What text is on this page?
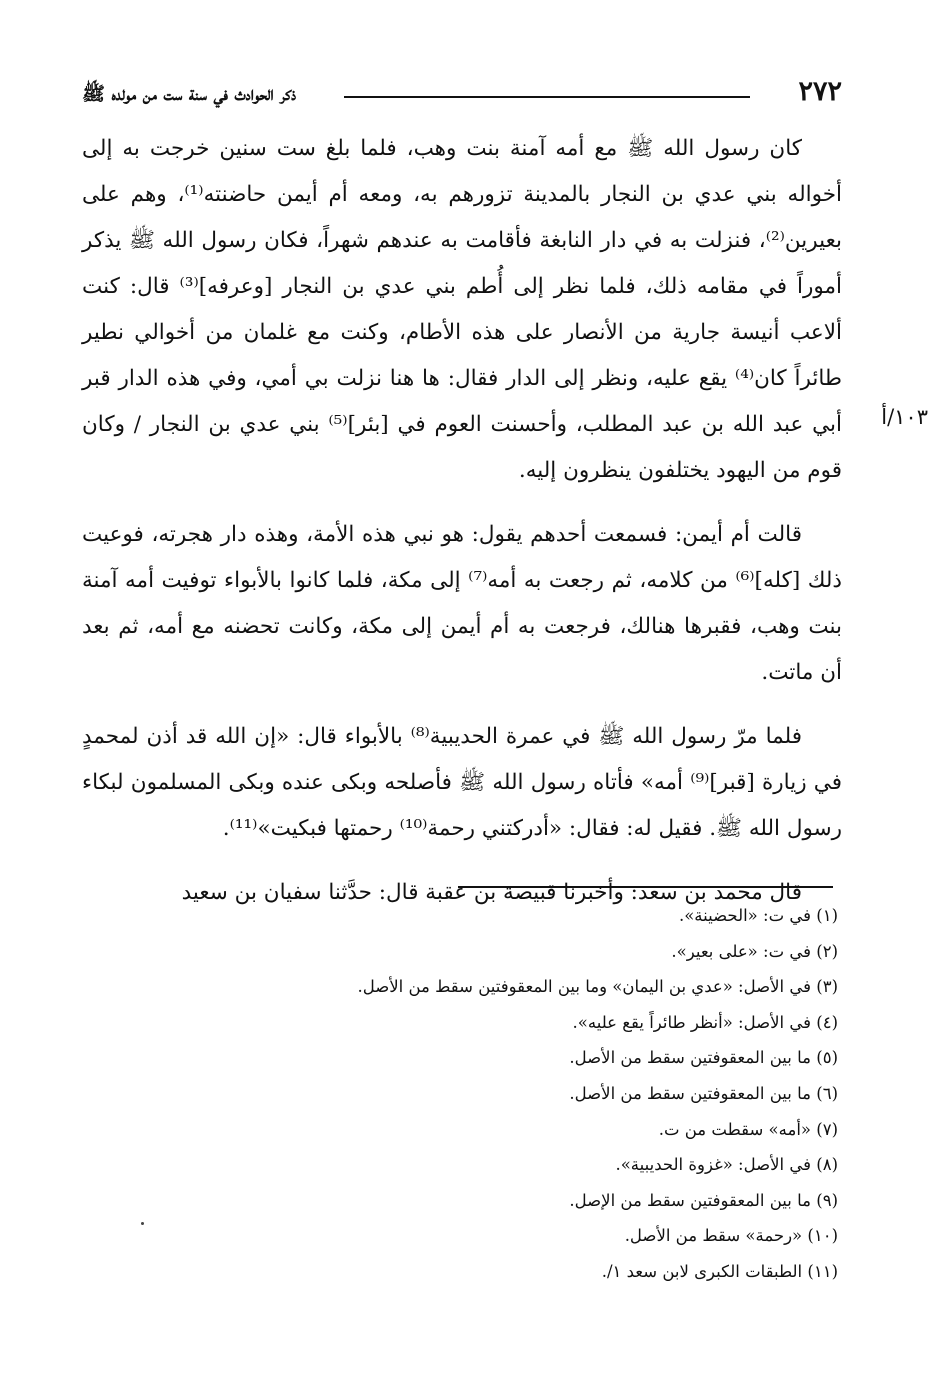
٢٧٢
ذكر الحوادث في سنة ست من مولده ﷺ

كان رسول الله ﷺ مع أمه آمنة بنت وهب، فلما بلغ ست سنين خرجت به إلى أخواله بني عدي بن النجار بالمدينة تزورهم به، ومعه أم أيمن حاضنته⁽¹⁾، وهم على بعيرين⁽²⁾، فنزلت به في دار النابغة فأقامت به عندهم شهراً، فكان رسول الله ﷺ يذكر أموراً في مقامه ذلك، فلما نظر إلى أُطم بني عدي بن النجار [وعرفه]⁽³⁾ قال: كنت ألاعب أنيسة جارية من الأنصار على هذه الأطام، وكنت مع غلمان من أخوالي نطير طائراً كان⁽⁴⁾ يقع عليه، ونظر إلى الدار فقال: ها هنا نزلت بي أمي، وفي هذه الدار قبر أبي عبد الله بن عبد المطلب، وأحسنت العوم في [بئر]⁽⁵⁾ بني عدي بن النجار / وكان قوم من اليهود يختلفون ينظرون إليه.

قالت أم أيمن: فسمعت أحدهم يقول: هو نبي هذه الأمة، وهذه دار هجرته، فوعيت ذلك [كله]⁽⁶⁾ من كلامه، ثم رجعت به أمه⁽⁷⁾ إلى مكة، فلما كانوا بالأبواء توفيت أمه آمنة بنت وهب، فقبرها هنالك، فرجعت به أم أيمن إلى مكة، وكانت تحضنه مع أمه، ثم بعد أن ماتت.

فلما مرّ رسول الله ﷺ في عمرة الحديبية⁽⁸⁾ بالأبواء قال: «إن الله قد أذن لمحمدٍ في زيارة [قبر]⁽⁹⁾ أمه» فأتاه رسول الله ﷺ فأصلحه وبكى عنده وبكى المسلمون لبكاء رسول الله ﷺ. فقيل له: فقال: «أدركتني رحمة⁽¹⁰⁾ رحمتها فبكيت»⁽¹¹⁾.

قال محمد بن سعد: وأخبرنا قبيصة بن عقبة قال: حدَّثنا سفيان بن سعيد

١٠٣/أ
(١) في ت: «الحضينة».
(٢) في ت: «على بعير».
(٣) في الأصل: «عدي بن اليمان» وما بين المعقوفتين سقط من الأصل.
(٤) في الأصل: «أنظر طائراً يقع عليه».
(٥) ما بين المعقوفتين سقط من الأصل.
(٦) ما بين المعقوفتين سقط من الأصل.
(٧) «أمه» سقطت من ت.
(٨) في الأصل: «غزوة الحديبية».
(٩) ما بين المعقوفتين سقط من الإصل.
(١٠) «رحمة» سقط من الأصل.
(١١) الطبقات الكبرى لابن سعد ١/.
